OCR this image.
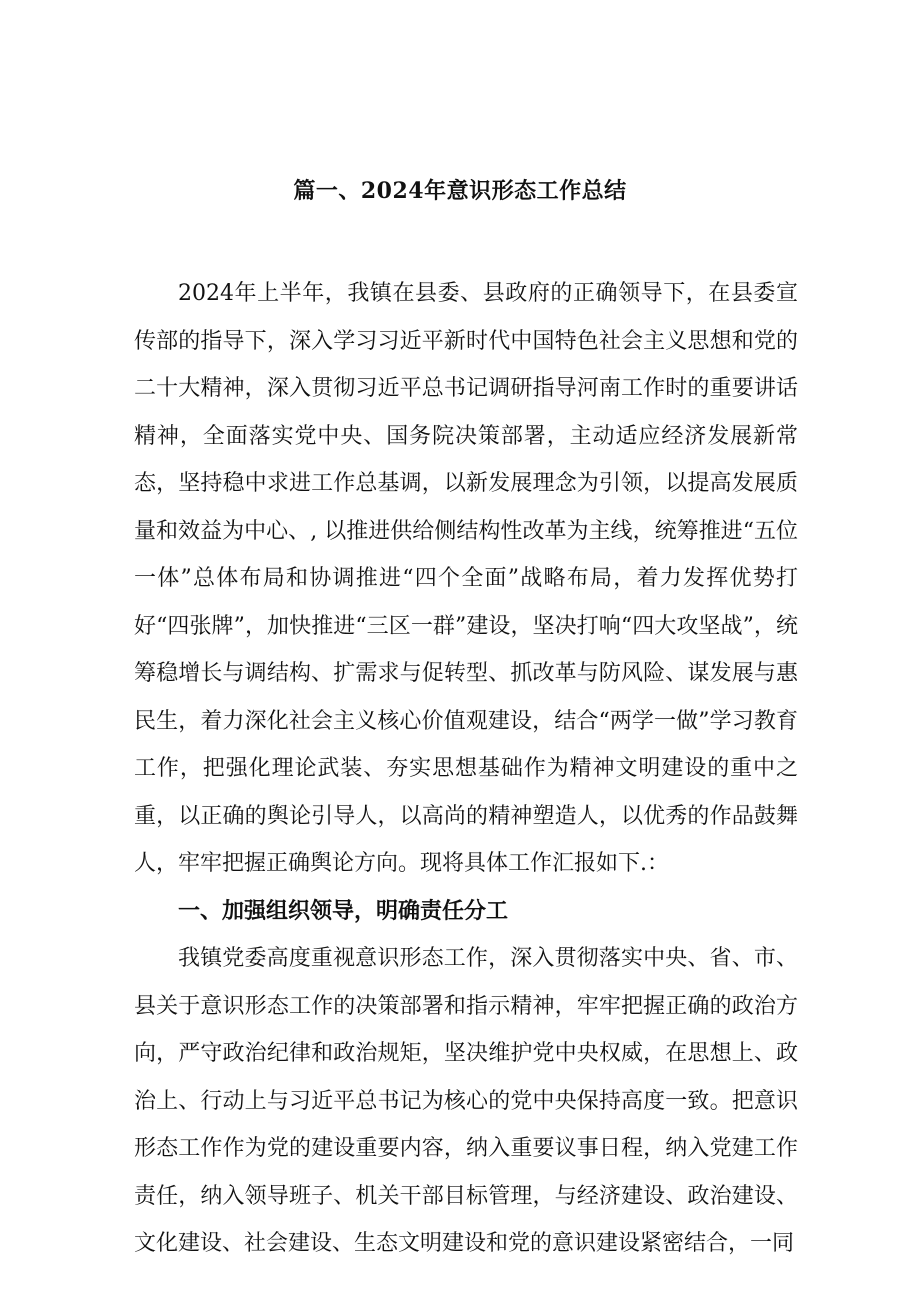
篇一、2024年意识形态工作总结

2024年上半年，我镇在县委、县政府的正确领导下，在县委宣传部的指导下，深入学习习近平新时代中国特色社会主义思想和党的二十大精神，深入贯彻习近平总书记调研指导河南工作时的重要讲话精神，全面落实党中央、国务院决策部署，主动适应经济发展新常态，坚持稳中求进工作总基调，以新发展理念为引领，以提高发展质量和效益为中心、, 以推进供给侧结构性改革为主线，统筹推进“五位一体”总体布局和协调推进“四个全面”战略布局，着力发挥优势打好“四张牌”，加快推进“三区一群”建设，坚决打响“四大攻坚战”，统筹稳增长与调结构、扩需求与促转型、抓改革与防风险、谋发展与惠民生，着力深化社会主义核心价值观建设，结合“两学一做”学习教育工作，把强化理论武装、夯实思想基础作为精神文明建设的重中之重，以正确的舆论引导人，以高尚的精神塑造人，以优秀的作品鼓舞人，牢牢把握正确舆论方向。现将具体工作汇报如下.：

一、加强组织领导，明确责任分工

我镇党委高度重视意识形态工作，深入贯彻落实中央、省、市、县关于意识形态工作的决策部署和指示精神，牢牢把握正确的政治方向，严守政治纪律和政治规矩，坚决维护党中央权威，在思想上、政治上、行动上与习近平总书记为核心的党中央保持高度一致。把意识形态工作作为党的建设重要内容，纳入重要议事日程，纳入党建工作责任，纳入领导班子、机关干部目标管理，与经济建设、政治建设、文化建设、社会建设、生态文明建设和党的意识建设紧密结合，一同
